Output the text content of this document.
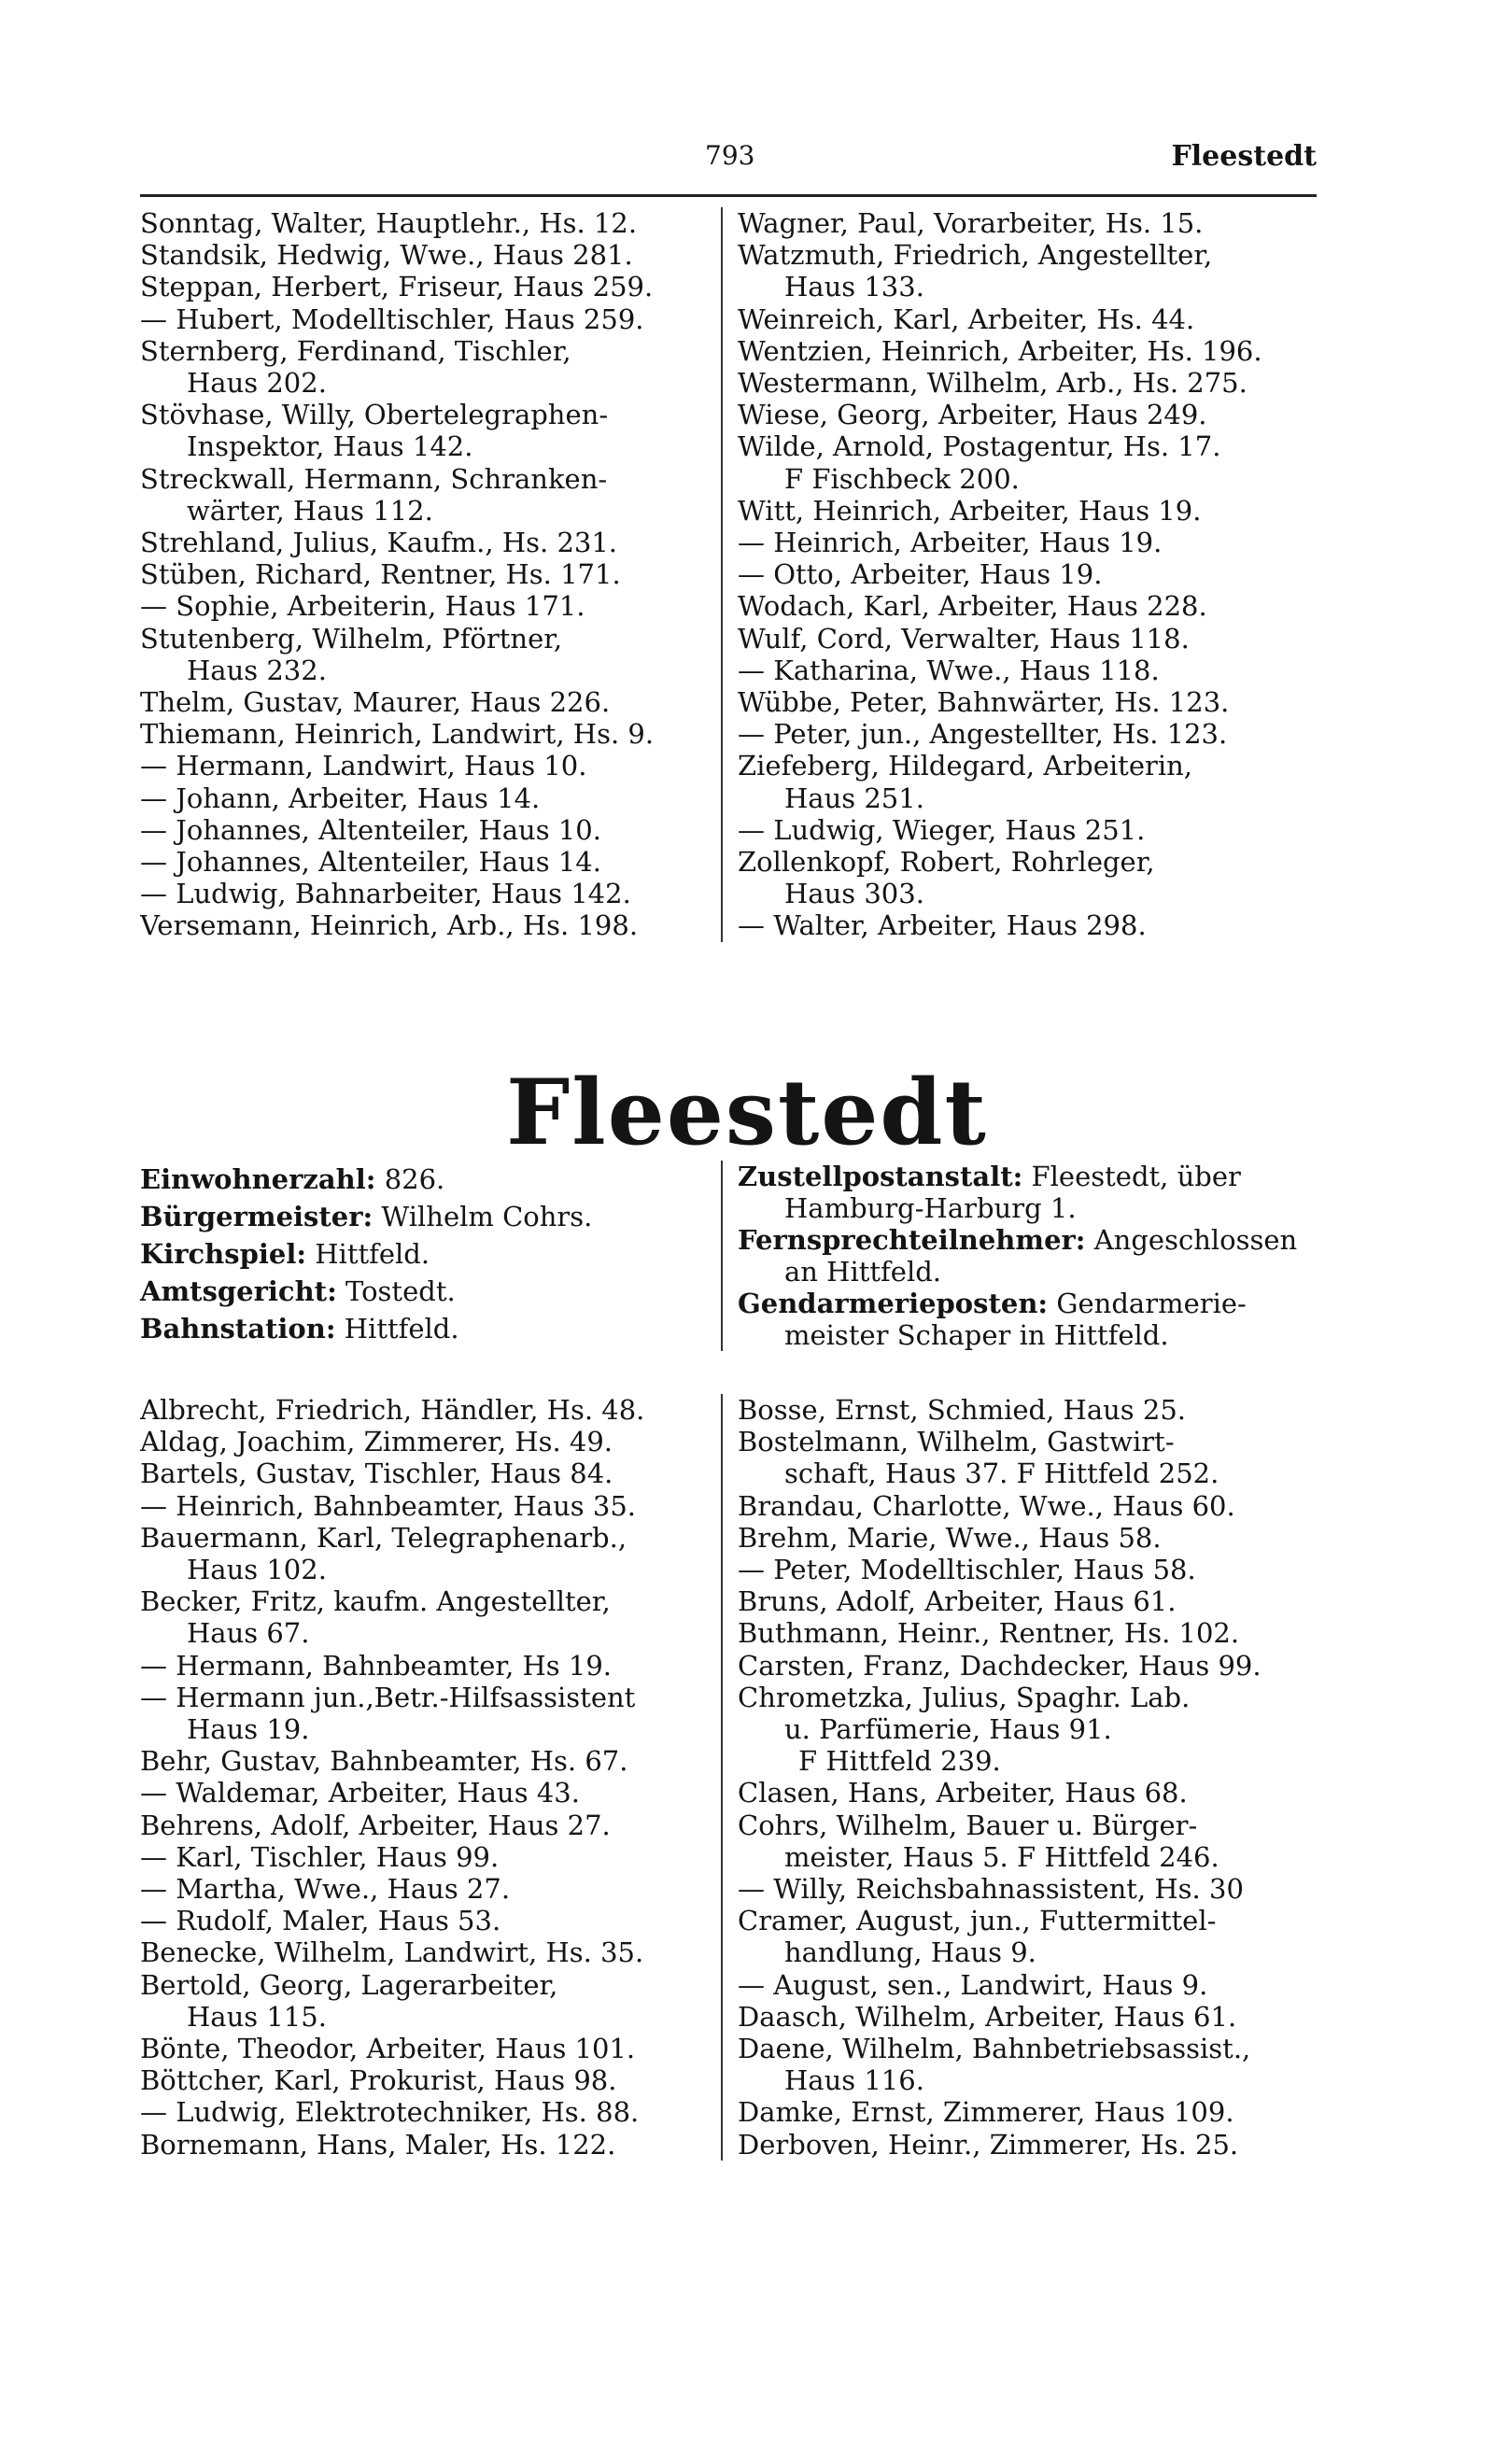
793	Fleestedt
Sonntag, Walter, Hauptlehr., Hs. 12.
Standsik, Hedwig, Wwe., Haus 281.
Steppan, Herbert, Friseur, Haus 259.
— Hubert, Modelltischler, Haus 259.
Sternberg, Ferdinand, Tischler,
Haus 202.
Stövhase, Willy, Obertelegraphen-
Inspektor, Haus 142.
Streckwall, Hermann, Schranken-
wärter, Haus 112.
Strehland, Julius, Kaufm., Hs. 231.
Stüben, Richard, Rentner, Hs. 171.
— Sophie, Arbeiterin, Haus 171.
Stutenberg, Wilhelm, Pförtner,
Haus 232.
Thelm, Gustav, Maurer, Haus 226.
Thiemann, Heinrich, Landwirt, Hs. 9.
— Hermann, Landwirt, Haus 10.
— Johann, Arbeiter, Haus 14.
— Johannes, Altenteiler, Haus 10.
— Johannes, Altenteiler, Haus 14.
— Ludwig, Bahnarbeiter, Haus 142.
Versemann, Heinrich, Arb., Hs. 198.
Wagner, Paul, Vorarbeiter, Hs. 15.
Watzmuth, Friedrich, Angestellter,
Haus 133.
Weinreich, Karl, Arbeiter, Hs. 44.
Wentzien, Heinrich, Arbeiter, Hs. 196.
Westermann, Wilhelm, Arb., Hs. 275.
Wiese, Georg, Arbeiter, Haus 249.
Wilde, Arnold, Postagentur, Hs. 17.
F Fischbeck 200.
Witt, Heinrich, Arbeiter, Haus 19.
— Heinrich, Arbeiter, Haus 19.
— Otto, Arbeiter, Haus 19.
Wodach, Karl, Arbeiter, Haus 228.
Wulf, Cord, Verwalter, Haus 118.
— Katharina, Wwe., Haus 118.
Wübbe, Peter, Bahnwärter, Hs. 123.
— Peter, jun., Angestellter, Hs. 123.
Ziefeberg, Hildegard, Arbeiterin,
Haus 251.
— Ludwig, Wieger, Haus 251.
Zollenkopf, Robert, Rohrleger,
Haus 303.
— Walter, Arbeiter, Haus 298.
Fleestedt
Einwohnerzahl: 826.
Bürgermeister: Wilhelm Cohrs.
Kirchspiel: Hittfeld.
Amtsgericht: Tostedt.
Bahnstation: Hittfeld.
Zustellpostanstalt: Fleestedt, über
Hamburg-Harburg 1.
Fernsprechteilnehmer: Angeschlossen
an Hittfeld.
Gendarmerieposten: Gendarmerie-
meister Schaper in Hittfeld.
Albrecht, Friedrich, Händler, Hs. 48.
Aldag, Joachim, Zimmerer, Hs. 49.
Bartels, Gustav, Tischler, Haus 84.
— Heinrich, Bahnbeamter, Haus 35.
Bauermann, Karl, Telegraphenarb.,
Haus 102.
Becker, Fritz, kaufm. Angestellter,
Haus 67.
— Hermann, Bahnbeamter, Hs 19.
— Hermann jun.,Betr.-Hilfsassistent
Haus 19.
Behr, Gustav, Bahnbeamter, Hs. 67.
— Waldemar, Arbeiter, Haus 43.
Behrens, Adolf, Arbeiter, Haus 27.
— Karl, Tischler, Haus 99.
— Martha, Wwe., Haus 27.
— Rudolf, Maler, Haus 53.
Benecke, Wilhelm, Landwirt, Hs. 35.
Bertold, Georg, Lagerarbeiter,
Haus 115.
Bönte, Theodor, Arbeiter, Haus 101.
Böttcher, Karl, Prokurist, Haus 98.
— Ludwig, Elektrotechniker, Hs. 88.
Bornemann, Hans, Maler, Hs. 122.
Bosse, Ernst, Schmied, Haus 25.
Bostelmann, Wilhelm, Gastwirt-
schaft, Haus 37. F Hittfeld 252.
Brandau, Charlotte, Wwe., Haus 60.
Brehm, Marie, Wwe., Haus 58.
— Peter, Modelltischler, Haus 58.
Bruns, Adolf, Arbeiter, Haus 61.
Buthmann, Heinr., Rentner, Hs. 102.
Carsten, Franz, Dachdecker, Haus 99.
Chrometzka, Julius, Spaghr. Lab.
u. Parfümerie, Haus 91.
F Hittfeld 239.
Clasen, Hans, Arbeiter, Haus 68.
Cohrs, Wilhelm, Bauer u. Bürger-
meister, Haus 5. F Hittfeld 246.
— Willy, Reichsbahnassistent, Hs. 30
Cramer, August, jun., Futtermittel-
handlung, Haus 9.
— August, sen., Landwirt, Haus 9.
Daasch, Wilhelm, Arbeiter, Haus 61.
Daene, Wilhelm, Bahnbetriebsassist.,
Haus 116.
Damke, Ernst, Zimmerer, Haus 109.
Derboven, Heinr., Zimmerer, Hs. 25.
